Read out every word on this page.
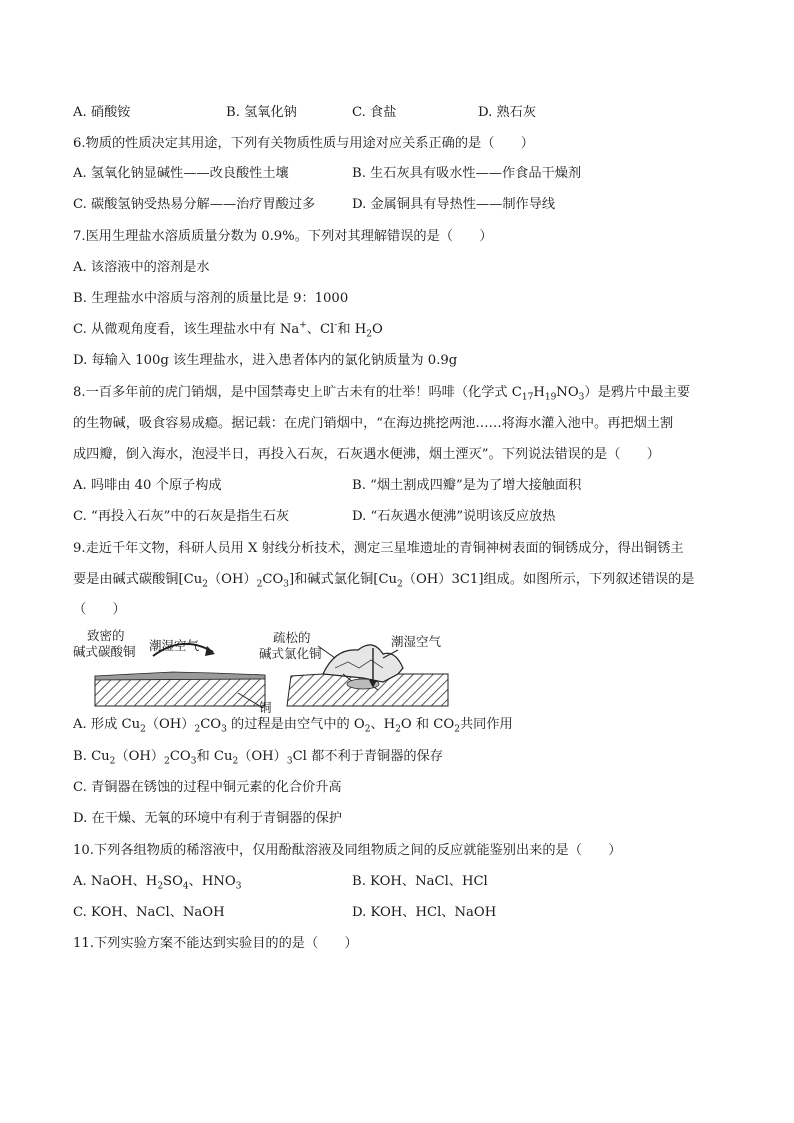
A. 硝酸铵	B. 氢氧化钠	C. 食盐	D. 熟石灰
6.物质的性质决定其用途，下列有关物质性质与用途对应关系正确的是（　　）
A. 氢氧化钠显碱性——改良酸性土壤	B. 生石灰具有吸水性——作食品干燥剂
C. 碳酸氢钠受热易分解——治疗胃酸过多	D. 金属铜具有导热性——制作导线
7.医用生理盐水溶质质量分数为 0.9%。下列对其理解错误的是（　　）
A. 该溶液中的溶剂是水
B. 生理盐水中溶质与溶剂的质量比是 9：1000
C. 从微观角度看，该生理盐水中有 Na+、Cl-和 $H_2O$
D. 每输入 100g 该生理盐水，进入患者体内的氯化钠质量为 0.9g
8.一百多年前的虎门销烟，是中国禁毒史上旷古未有的壮举！吗啡（化学式 $C_{17}H_{19}NO_3$）是鸦片中最主要
的生物碱，吸食容易成瘾。据记载：在虎门销烟中，“在海边挑挖两池……将海水灌入池中。再把烟土割
成四瓣，倒入海水，泡浸半日，再投入石灰，石灰遇水便沸，烟土湮灭”。下列说法错误的是（　　）
A. 吗啡由 40 个原子构成	B. “烟土割成四瓣”是为了增大接触面积
C. “再投入石灰”中的石灰是指生石灰	D. “石灰遇水便沸”说明该反应放热
9.走近千年文物，科研人员用 X 射线分析技术，测定三星堆遗址的青铜神树表面的铜锈成分，得出铜锈主
要是由碱式碳酸铜$[Cu_2(OH)_2CO_3]$和碱式氯化铜$[Cu_2(OH)3C1]$组成。如图所示，下列叙述错误的是
（　　）
致密的
碱式碳酸铜 潮湿空气
疏松的
碱式氯化铜
潮湿空气
铜
A. 形成 $Cu_2(OH)_2CO_3$ 的过程是由空气中的 $O_2$、$H_2O$ 和 $CO_2$共同作用
B. $Cu_2(OH)_2CO_3$和 $Cu_2(OH)_3Cl$ 都不利于青铜器的保存
C. 青铜器在锈蚀的过程中铜元素的化合价升高
D. 在干燥、无氧的环境中有利于青铜器的保护
10.下列各组物质的稀溶液中，仅用酚酞溶液及同组物质之间的反应就能鉴别出来的是（　　）
A. NaOH、$H_2SO_4$、$HNO_3$	B. KOH、NaCl、HCl
C. KOH、NaCl、NaOH	D. KOH、HCl、NaOH
11.下列实验方案不能达到实验目的的是（　　）
